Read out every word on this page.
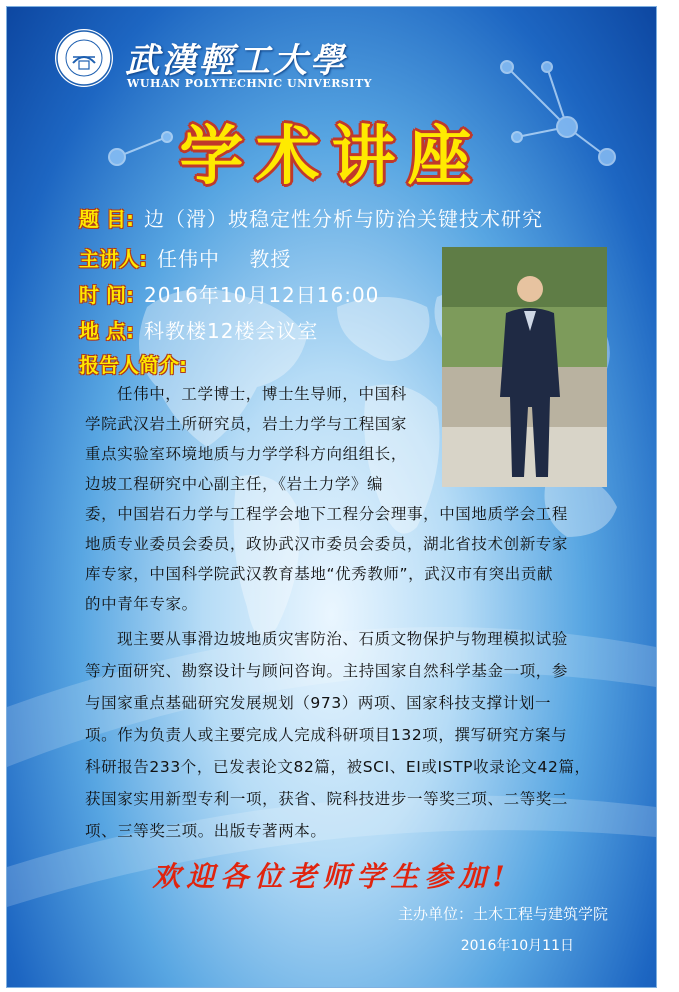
武漢輕工大學
WUHAN POLYTECHNIC UNIVERSITY
学术讲座
题 目: 边（滑）坡稳定性分析与防治关键技术研究
主讲人: 任伟中    教授
时 间: 2016年10月12日16:00
地 点: 科教楼12楼会议室
报告人简介:
任伟中，工学博士，博士生导师，中国科
学院武汉岩土所研究员，岩土力学与工程国家
重点实验室环境地质与力学学科方向组组长，
边坡工程研究中心副主任，《岩土力学》编
委，中国岩石力学与工程学会地下工程分会理事，中国地质学会工程
地质专业委员会委员，政协武汉市委员会委员，湖北省技术创新专家
库专家，中国科学院武汉教育基地“优秀教师”，武汉市有突出贡献
的中青年专家。
现主要从事滑边坡地质灾害防治、石质文物保护与物理模拟试验
等方面研究、勘察设计与顾问咨询。主持国家自然科学基金一项，参
与国家重点基础研究发展规划（973）两项、国家科技支撑计划一
项。作为负责人或主要完成人完成科研项目132项，撰写研究方案与
科研报告233个，已发表论文82篇，被SCI、EI或ISTP收录论文42篇，
获国家实用新型专利一项，获省、院科技进步一等奖三项、二等奖二
项、三等奖三项。出版专著两本。
欢迎各位老师学生参加!
主办单位：土木工程与建筑学院
2016年10月11日
